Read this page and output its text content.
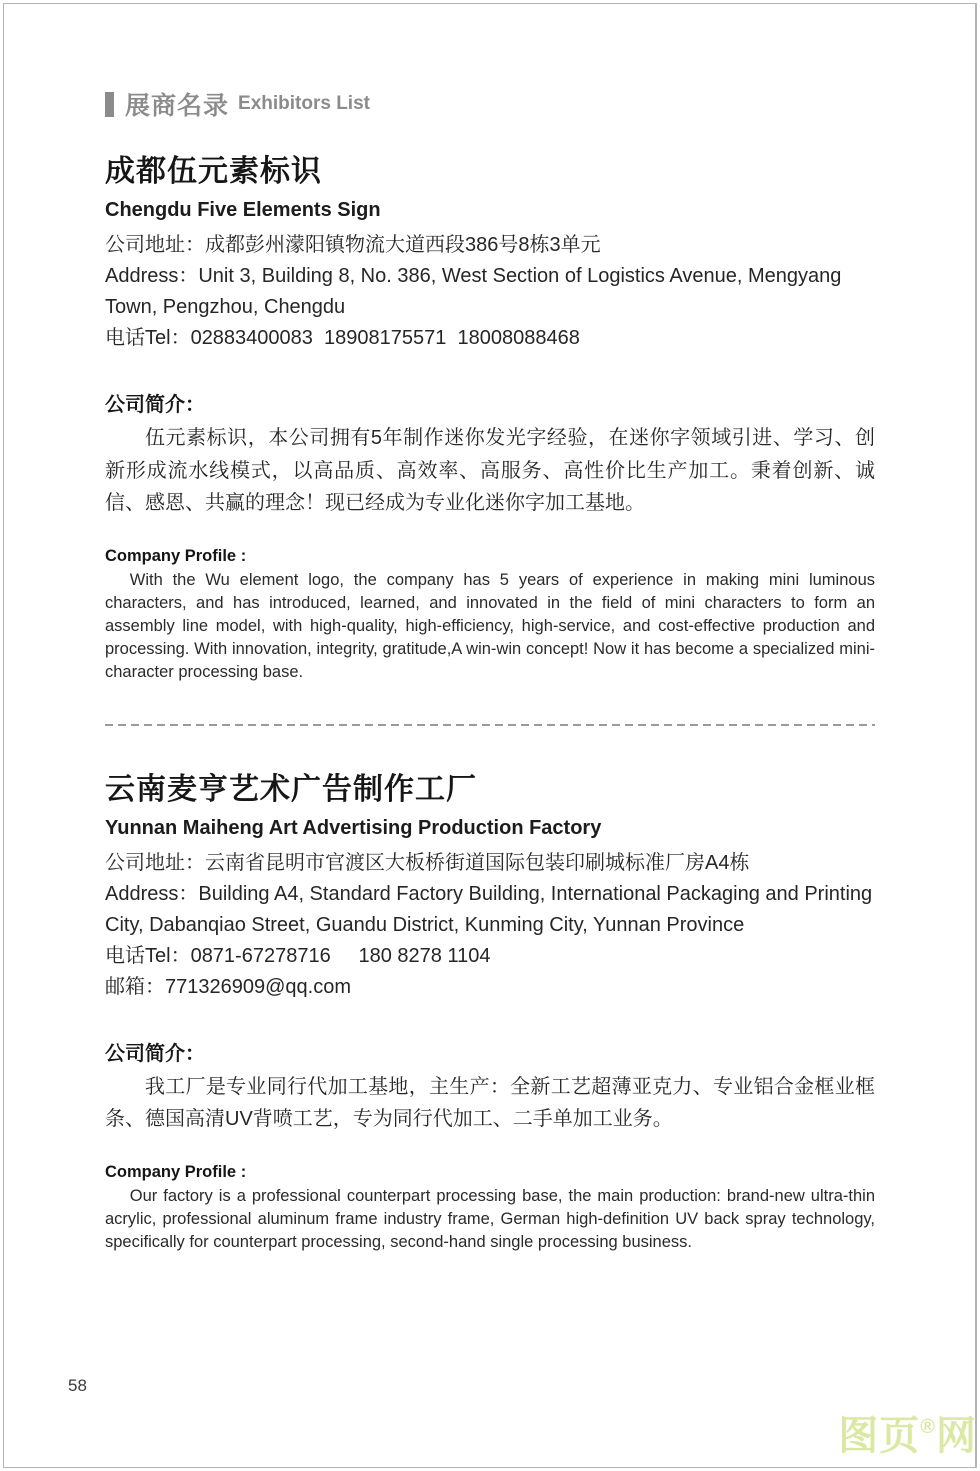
展商名录 Exhibitors List
成都伍元素标识
Chengdu Five Elements Sign
公司地址：成都彭州濛阳镇物流大道西段386号8栋3单元
Address：Unit 3, Building 8, No. 386, West Section of Logistics Avenue, Mengyang Town, Pengzhou, Chengdu
电话Tel：02883400083  18908175571  18008088468
公司简介：
伍元素标识，本公司拥有5年制作迷你发光字经验，在迷你字领域引进、学习、创新形成流水线模式，以高品质、高效率、高服务、高性价比生产加工。秉着创新、诚信、感恩、共赢的理念！现已经成为专业化迷你字加工基地。
Company Profile :
With the Wu element logo, the company has 5 years of experience in making mini luminous characters, and has introduced, learned, and innovated in the field of mini characters to form an assembly line model, with high-quality, high-efficiency, high-service, and cost-effective production and processing. With innovation, integrity, gratitude,A win-win concept! Now it has become a specialized mini-character processing base.
云南麦亨艺术广告制作工厂
Yunnan Maiheng Art Advertising Production Factory
公司地址：云南省昆明市官渡区大板桥街道国际包装印刷城标准厂房A4栋
Address：Building A4, Standard Factory Building, International Packaging and Printing City, Dabanqiao Street, Guandu District, Kunming City, Yunnan Province
电话Tel：0871-67278716     180 8278 1104
邮箱：771326909@qq.com
公司简介：
我工厂是专业同行代加工基地，主生产：全新工艺超薄亚克力、专业铝合金框业框条、德国高清UV背喷工艺，专为同行代加工、二手单加工业务。
Company Profile :
Our factory is a professional counterpart processing base, the main production: brand-new ultra-thin acrylic, professional aluminum frame industry frame, German high-definition UV back spray technology, specifically for counterpart processing, second-hand single processing business.
58
图页®网
